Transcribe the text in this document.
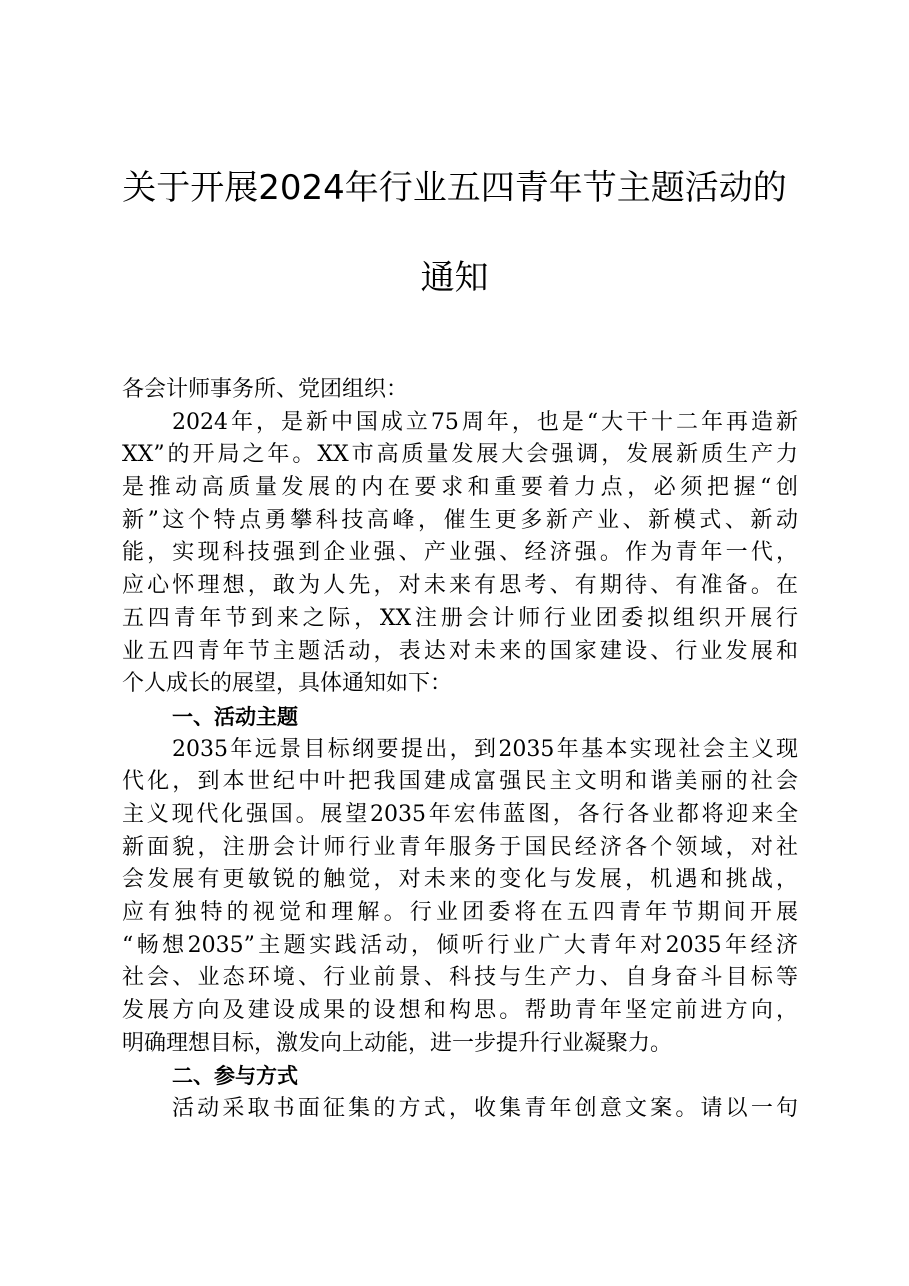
关于开展2024年行业五四青年节主题活动的
通知
各会计师事务所、党团组织：
2024年，是新中国成立75周年，也是“大干十二年再造新
XX”的开局之年。XX市高质量发展大会强调，发展新质生产力
是推动高质量发展的内在要求和重要着力点，必须把握“创
新”这个特点勇攀科技高峰，催生更多新产业、新模式、新动
能，实现科技强到企业强、产业强、经济强。作为青年一代，
应心怀理想，敢为人先，对未来有思考、有期待、有准备。在
五四青年节到来之际，XX注册会计师行业团委拟组织开展行
业五四青年节主题活动，表达对未来的国家建设、行业发展和
个人成长的展望，具体通知如下：
一、活动主题
2035年远景目标纲要提出，到2035年基本实现社会主义现
代化，到本世纪中叶把我国建成富强民主文明和谐美丽的社会
主义现代化强国。展望2035年宏伟蓝图，各行各业都将迎来全
新面貌，注册会计师行业青年服务于国民经济各个领域，对社
会发展有更敏锐的触觉，对未来的变化与发展，机遇和挑战，
应有独特的视觉和理解。行业团委将在五四青年节期间开展
“畅想2035”主题实践活动，倾听行业广大青年对2035年经济
社会、业态环境、行业前景、科技与生产力、自身奋斗目标等
发展方向及建设成果的设想和构思。帮助青年坚定前进方向，
明确理想目标，激发向上动能，进一步提升行业凝聚力。
二、参与方式
活动采取书面征集的方式，收集青年创意文案。请以一句
